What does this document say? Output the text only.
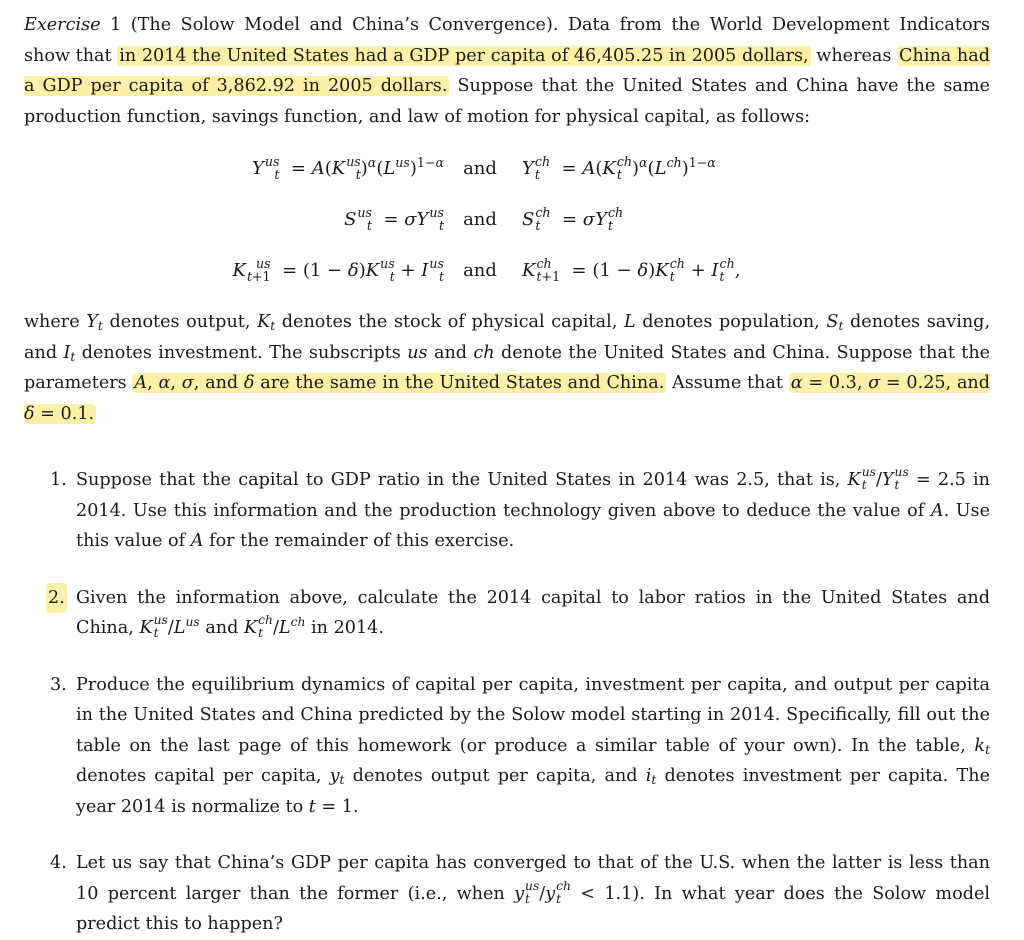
Exercise 1 (The Solow Model and China’s Convergence). Data from the World Development Indicators show that in 2014 the United States had a GDP per capita of 46,405.25 in 2005 dollars, whereas China had a GDP per capita of 3,862.92 in 2005 dollars. Suppose that the United States and China have the same production function, savings function, and law of motion for physical capital, as follows:

Y us
t = A(K us
t )$^\alpha(L^{us})^{1-\alpha}$	and	Y ch
t = A(K ch
t )$^\alpha(L^{ch})^{1-\alpha}$
S us
t = σY us
t and	S ch
t = σY ch
t
K us
t+1 = (1 − δ)K us
t + I us
t and	K ch
t+1 = (1 − δ)K ch
t + I ch
t ,

where $Y_t$ denotes output, $K_t$ denotes the stock of physical capital, L denotes population, $S_t$ denotes saving, and $I_t$ denotes investment. The subscripts us and ch denote the United States and China. Suppose that the parameters A, α, σ, and δ are the same in the United States and China. Assume that α = 0.3, σ = 0.25, and δ = 0.1.

1. Suppose that the capital to GDP ratio in the United States in 2014 was 2.5, that is, K us
t /Y us
t = 2.5 in 2014. Use this information and the production technology given above to deduce the value of A. Use this value of A for the remainder of this exercise.
2. Given the information above, calculate the 2014 capital to labor ratios in the United States and China, K us
t $/L^{us}$ and K ch
t $/L^{ch}$ in 2014.
3. Produce the equilibrium dynamics of capital per capita, investment per capita, and output per capita in the United States and China predicted by the Solow model starting in 2014. Specifically, fill out the table on the last page of this homework (or produce a similar table of your own). In the table, $k_t$ denotes capital per capita, $y_t$ denotes output per capita, and $i_t$ denotes investment per capita. The year 2014 is normalize to t = 1.
4. Let us say that China’s GDP per capita has converged to that of the U.S. when the latter is less than 10 percent larger than the former (i.e., when y us
t /y ch
t < 1.1). In what year does the Solow model predict this to happen?
